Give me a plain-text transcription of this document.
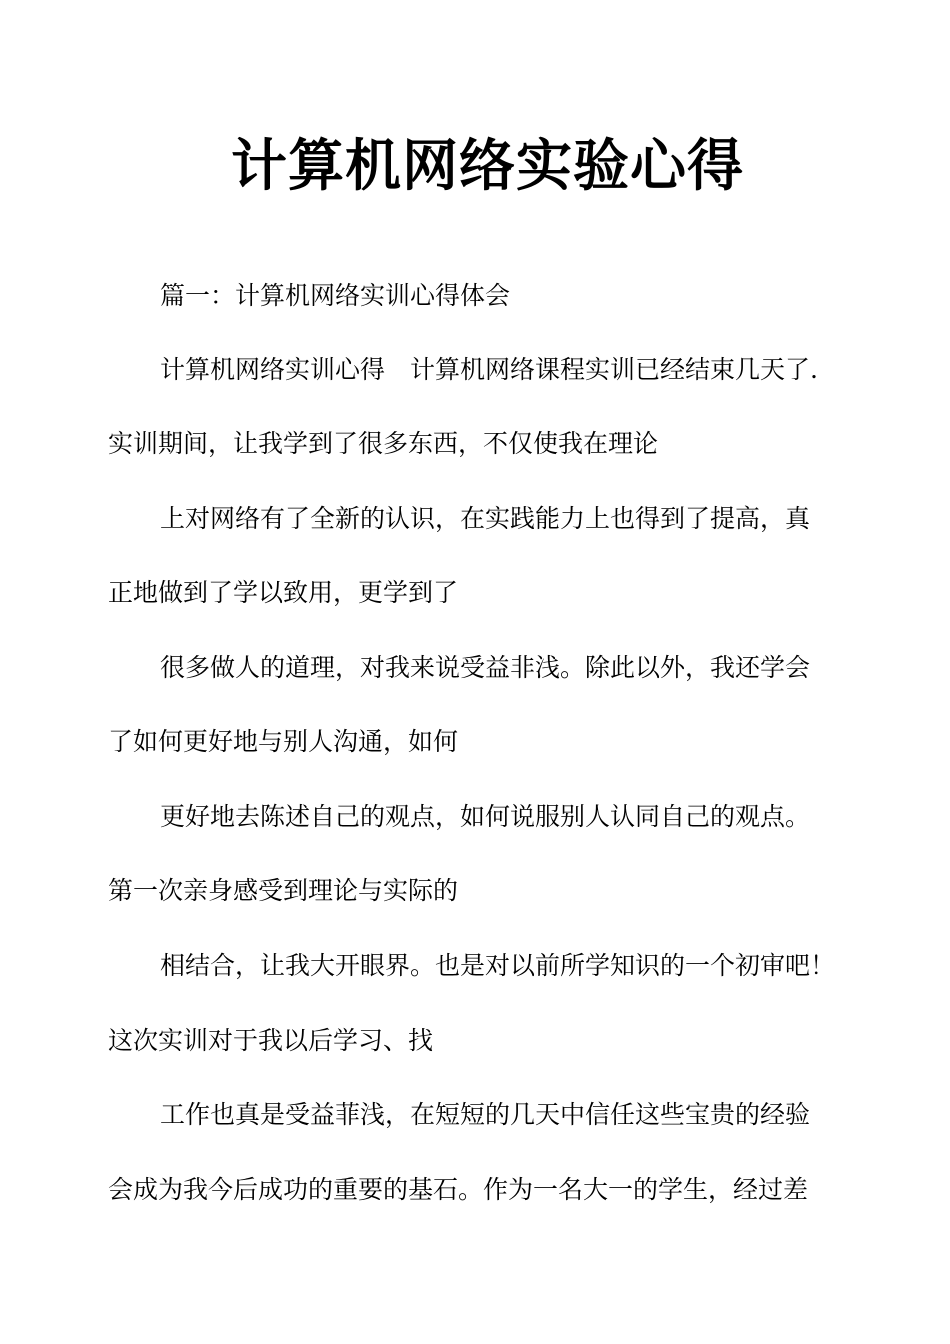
计算机网络实验心得

篇一：计算机网络实训心得体会

计算机网络实训心得　计算机网络课程实训已经结束几天了.

实训期间，让我学到了很多东西，不仅使我在理论

上对网络有了全新的认识，在实践能力上也得到了提高，真

正地做到了学以致用，更学到了

很多做人的道理，对我来说受益非浅。除此以外，我还学会

了如何更好地与别人沟通，如何

更好地去陈述自己的观点，如何说服别人认同自己的观点。

第一次亲身感受到理论与实际的

相结合，让我大开眼界。也是对以前所学知识的一个初审吧！

这次实训对于我以后学习、找

工作也真是受益菲浅，在短短的几天中信任这些宝贵的经验

会成为我今后成功的重要的基石。作为一名大一的学生，经过差
